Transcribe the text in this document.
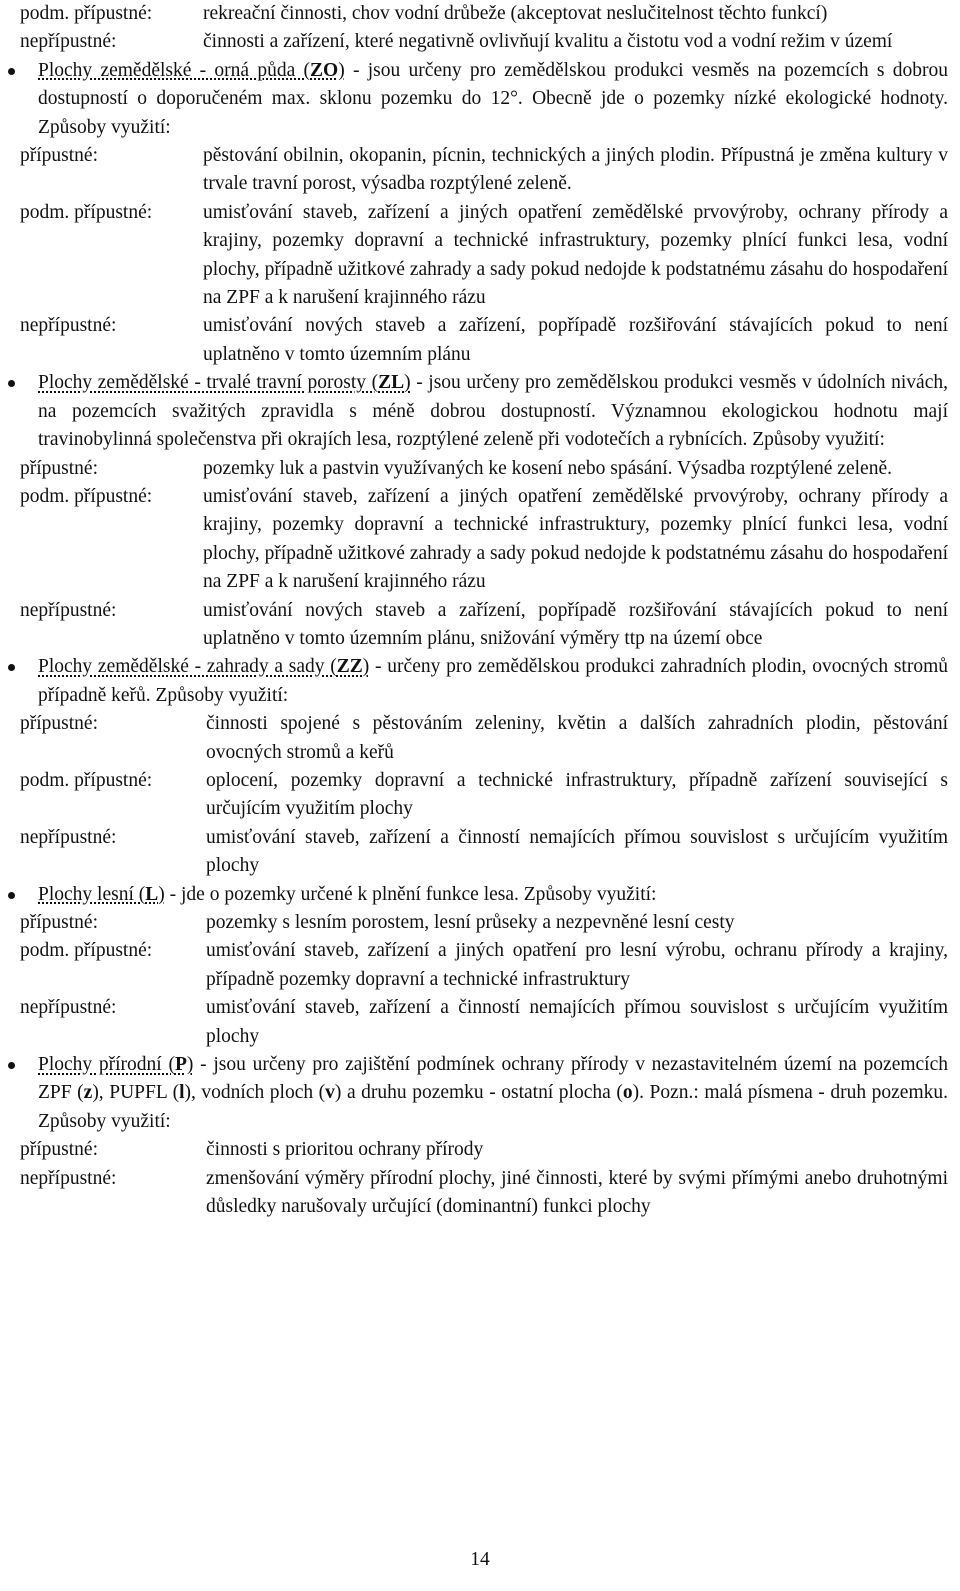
podm. přípustné:	rekreační činnosti, chov vodní drůbeže (akceptovat neslučitelnost těchto funkcí)
nepřípustné:	činnosti a zařízení, které negativně ovlivňují kvalitu a čistotu vod a vodní režim v území
Plochy zemědělské - orná půda (ZO) - jsou určeny pro zemědělskou produkci vesměs na pozemcích s dobrou dostupností o doporučeném max. sklonu pozemku do 12°. Obecně jde o pozemky nízké ekologické hodnoty. Způsoby využití:
přípustné:	pěstování obilnin, okopanin, pícnin, technických a jiných plodin. Přípustná je změna kultury v trvale travní porost, výsadba rozptýlené zeleně.
podm. přípustné:	umisťování staveb, zařízení a jiných opatření zemědělské prvovýroby, ochrany přírody a krajiny, pozemky dopravní a technické infrastruktury, pozemky plnící funkci lesa, vodní plochy, případně užitkové zahrady a sady pokud nedojde k podstatnému zásahu do hospodaření na ZPF a k narušení krajinného rázu
nepřípustné:	umisťování nových staveb a zařízení, popřípadě rozšiřování stávajících pokud to není uplatněno v tomto územním plánu
Plochy zemědělské - trvalé travní porosty (ZL) - jsou určeny pro zemědělskou produkci vesměs v údolních nivách, na pozemcích svažitých zpravidla s méně dobrou dostupností. Významnou ekologickou hodnotu mají travinobylinná společenstva při okrajích lesa, rozptýlené zeleně při vodotečích a rybnících. Způsoby využití:
přípustné:	pozemky luk a pastvin využívaných ke kosení nebo spásání. Výsadba rozptýlené zeleně.
podm. přípustné:	umisťování staveb, zařízení a jiných opatření zemědělské prvovýroby, ochrany přírody a krajiny, pozemky dopravní a technické infrastruktury, pozemky plnící funkci lesa, vodní plochy, případně užitkové zahrady a sady pokud nedojde k podstatnému zásahu do hospodaření na ZPF a k narušení krajinného rázu
nepřípustné:	umisťování nových staveb a zařízení, popřípadě rozšiřování stávajících pokud to není uplatněno v tomto územním plánu, snižování výměry ttp na území obce
Plochy zemědělské - zahrady a sady (ZZ) - určeny pro zemědělskou produkci zahradních plodin, ovocných stromů případně keřů. Způsoby využití:
přípustné:	činnosti spojené s pěstováním zeleniny, květin a dalších zahradních plodin, pěstování ovocných stromů a keřů
podm. přípustné:	oplocení, pozemky dopravní a technické infrastruktury, případně zařízení související s určujícím využitím plochy
nepřípustné:	umisťování staveb, zařízení a činností nemajících přímou souvislost s určujícím využitím plochy
Plochy lesní (L) - jde o pozemky určené k plnění funkce lesa. Způsoby využití:
přípustné:	pozemky s lesním porostem, lesní průseky a nezpevněné lesní cesty
podm. přípustné:	umisťování staveb, zařízení a jiných opatření pro lesní výrobu, ochranu přírody a krajiny, případně pozemky dopravní a technické infrastruktury
nepřípustné:	umisťování staveb, zařízení a činností nemajících přímou souvislost s určujícím využitím plochy
Plochy přírodní (P) - jsou určeny pro zajištění podmínek ochrany přírody v nezastavitelném území na pozemcích ZPF (z), PUPFL (l), vodních ploch (v) a druhu pozemku - ostatní plocha (o). Pozn.: malá písmena - druh pozemku. Způsoby využití:
přípustné:	činnosti s prioritou ochrany přírody
nepřípustné:	zmenšování výměry přírodní plochy, jiné činnosti, které by svými přímými anebo druhotnými důsledky narušovaly určující (dominantní) funkci plochy
14
